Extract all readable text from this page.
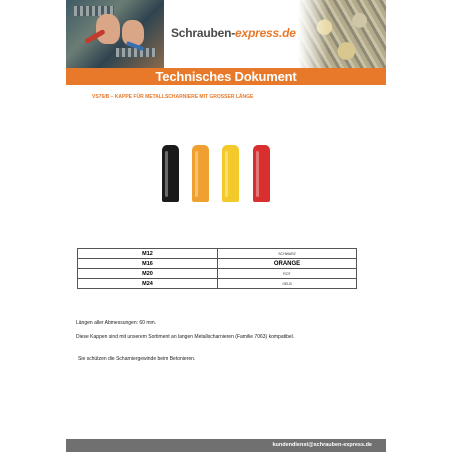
Schrauben-express.de
Technisches Dokument
VS76/B – KAPPE FÜR METALLSCHARNIERE MIT GROSSER LÄNGE
M12	SCHWARZ
M16	ORANGE
M20	ROT
M24	GELB
Längen aller Abmessungen: 60 mm.
Diese Kappen sind mit unserem Sortiment an langen Metallscharnieren (Familie 7063) kompatibel.
Sie schützen die Scharniergewinde beim Betonieren.
kundendienst@schrauben-express.de
